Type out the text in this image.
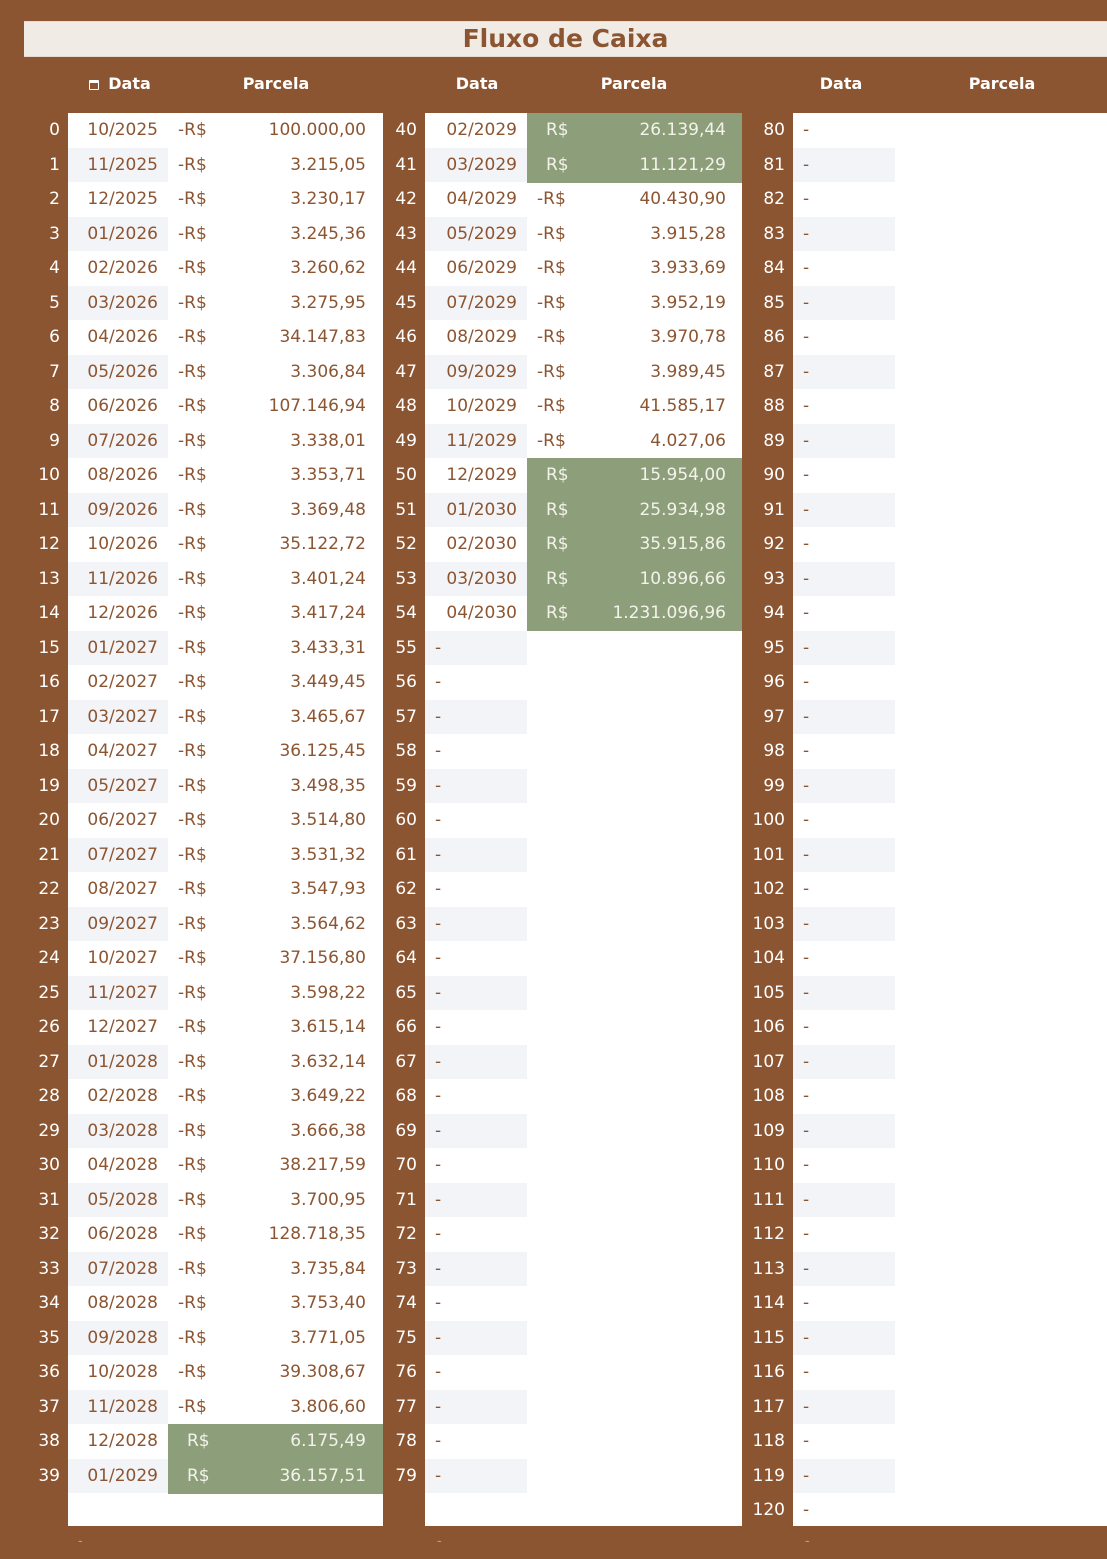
Fluxo de Caixa
Data	Parcela	Data	Parcela	Data	Parcela
0	10/2025 -R$	100.000,00
1	11/2025 -R$	3.215,05
2	12/2025 -R$	3.230,17
3	01/2026 -R$	3.245,36
4	02/2026 -R$	3.260,62
5	03/2026 -R$	3.275,95
6	04/2026 -R$	34.147,83
7	05/2026 -R$	3.306,84
8	06/2026 -R$	107.146,94
9	07/2026 -R$	3.338,01
10	08/2026 -R$	3.353,71
11	09/2026 -R$	3.369,48
12	10/2026 -R$	35.122,72
13	11/2026 -R$	3.401,24
14	12/2026 -R$	3.417,24
15	01/2027 -R$	3.433,31
16	02/2027 -R$	3.449,45
17	03/2027 -R$	3.465,67
18	04/2027 -R$	36.125,45
19	05/2027 -R$	3.498,35
20	06/2027 -R$	3.514,80
21	07/2027 -R$	3.531,32
22	08/2027 -R$	3.547,93
23	09/2027 -R$	3.564,62
24	10/2027 -R$	37.156,80
25	11/2027 -R$	3.598,22
26	12/2027 -R$	3.615,14
27	01/2028 -R$	3.632,14
28	02/2028 -R$	3.649,22
29	03/2028 -R$	3.666,38
30	04/2028 -R$	38.217,59
31	05/2028 -R$	3.700,95
32	06/2028 -R$	128.718,35
33	07/2028 -R$	3.735,84
34	08/2028 -R$	3.753,40
35	09/2028 -R$	3.771,05
36	10/2028 -R$	39.308,67
37	11/2028 -R$	3.806,60
38	12/2028 R$	6.175,49
39	01/2029 R$	36.157,51
40	02/2029 R$	26.139,44
41	03/2029 R$	11.121,29
42	04/2029 -R$	40.430,90
43	05/2029 -R$	3.915,28
44	06/2029 -R$	3.933,69
45	07/2029 -R$	3.952,19
46	08/2029 -R$	3.970,78
47	09/2029 -R$	3.989,45
48	10/2029 -R$	41.585,17
49	11/2029 -R$	4.027,06
50	12/2029 R$	15.954,00
51	01/2030 R$	25.934,98
52	02/2030 R$	35.915,86
53	03/2030 R$	10.896,66
54	04/2030 R$	1.231.096,96
55 -
56 -
57 -
58 -
59 -
60 -
61 -
62 -
63 -
64 -
65 -
66 -
67 -
68 -
69 -
70 -
71 -
72 -
73 -
74 -
75 -
76 -
77 -
78 -
79 -
80 -
81 -
82 -
83 -
84 -
85 -
86 -
87 -
88 -
89 -
90 -
91 -
92 -
93 -
94 -
95 -
96 -
97 -
98 -
99 -
100 -
101 -
102 -
103 -
104 -
105 -
106 -
107 -
108 -
109 -
110 -
111 -
112 -
113 -
114 -
115 -
116 -
117 -
118 -
119 -
120 -
-	-	-
